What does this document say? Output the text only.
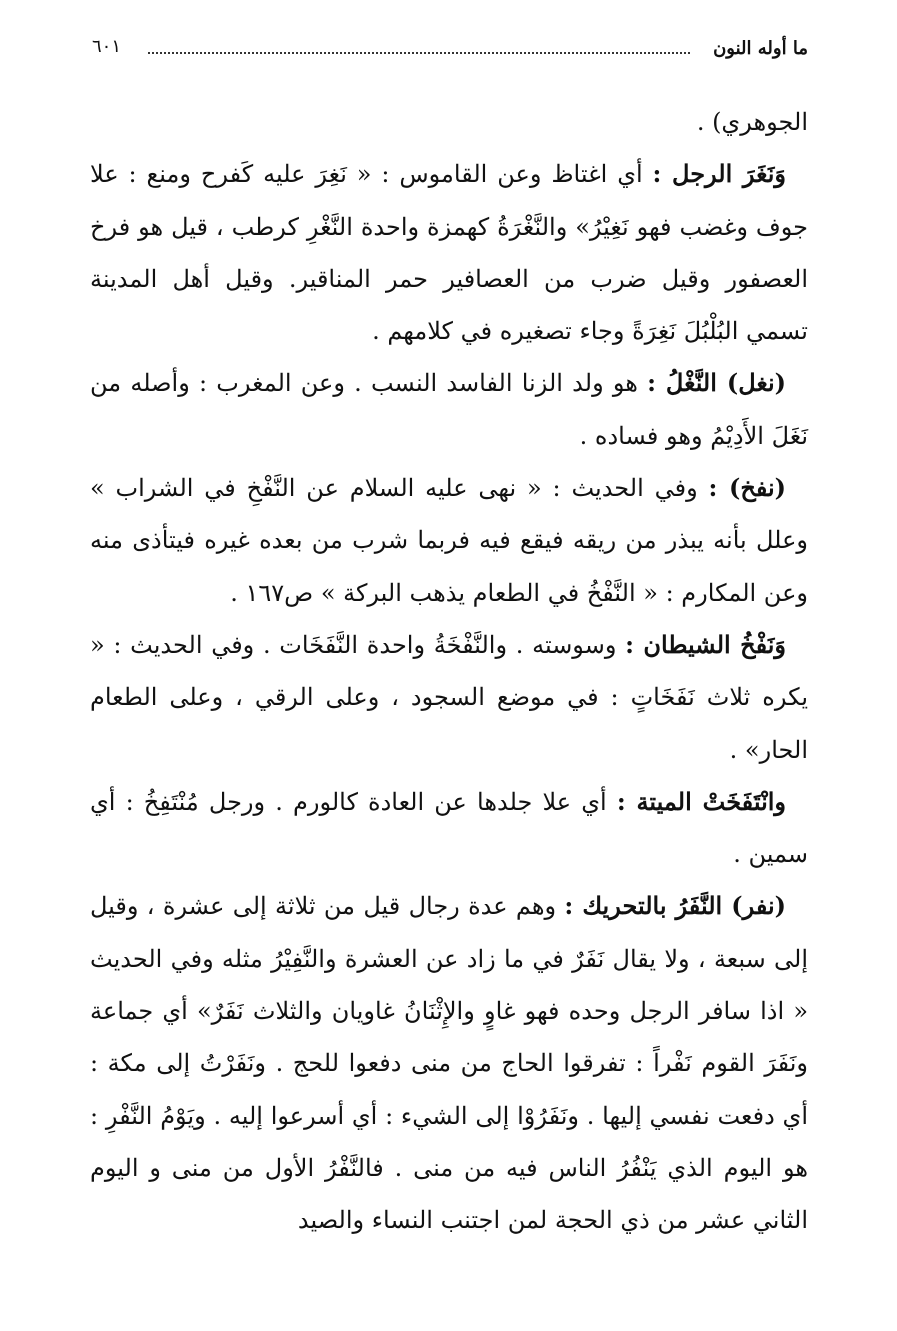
ما أوله النون
٦٠١

الجوهري) .

وَنَغَرَ الرجل : أي اغتاظ وعن القاموس : « نَغِرَ عليه كَفرح ومنع : علا جوف وغضب فهو نَغِيْرُ» والنَّغْرَةُ كهمزة واحدة النَّغْرِ كرطب ، قيل هو فرخ العصفور وقيل ضرب من العصافير حمر المناقير. وقيل أهل المدينة تسمي البُلْبُلَ نَغِرَةً وجاء تصغيره في كلامهم .

(نغل) النَّغْلُ : هو ولد الزنا الفاسد النسب . وعن المغرب : وأصله من نَغَلَ الأَدِيْمُ وهو فساده .

(نفخ) : وفي الحديث : « نهى عليه السلام عن النَّفْخِ في الشراب » وعلل بأنه يبذر من ريقه فيقع فيه فربما شرب من بعده غيره فيتأذى منه وعن المكارم : « النَّفْخُ في الطعام يذهب البركة » ص١٦٧ .

وَنَفْخُ الشيطان : وسوسته . والنَّفْخَةُ واحدة النَّفَخَات . وفي الحديث : « يكره ثلاث نَفَخَاتٍ : في موضع السجود ، وعلى الرقي ، وعلى الطعام الحار» .

وانْتَفَخَتْ الميتة : أي علا جلدها عن العادة كالورم . ورجل مُنْتَفِخُ : أي سمين .

(نفر) النَّفَرُ بالتحريك : وهم عدة رجال قيل من ثلاثة إلى عشرة ، وقيل إلى سبعة ، ولا يقال نَفَرٌ في ما زاد عن العشرة والنَّفِيْرُ مثله وفي الحديث « اذا سافر الرجل وحده فهو غاوٍ والإِثْنَانُ غاويان والثلاث نَفَرٌ» أي جماعة ونَفَرَ القوم نَفْراً : تفرقوا الحاج من منى دفعوا للحج . ونَفَرْتُ إلى مكة : أي دفعت نفسي إليها . ونَفَرُوْا إلى الشيء : أي أسرعوا إليه . ويَوْمُ النَّفْرِ : هو اليوم الذي يَنْفُرُ الناس فيه من منى . فالنَّفْرُ الأول من منى و اليوم الثاني عشر من ذي الحجة لمن اجتنب النساء والصيد
